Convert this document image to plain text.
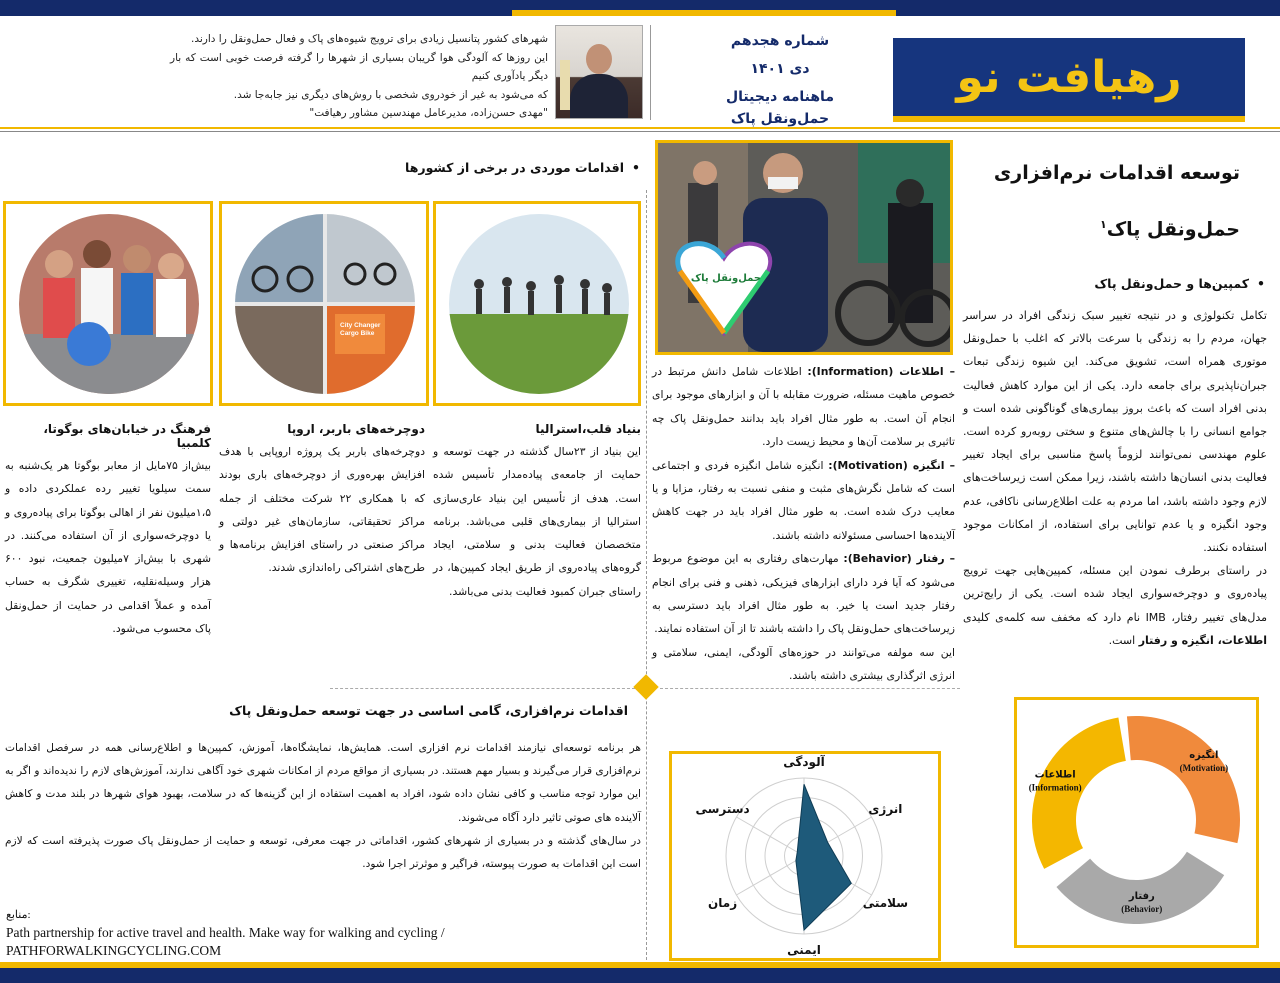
رهیافت نو
شماره هجدهم
دی ۱۴۰۱
ماهنامه دیجیتال حمل‌ونقل پاک
شهرهای کشور پتانسیل زیادی برای ترویج شیوه‌های پاک و فعال حمل‌ونقل را دارند.
این روزها که آلودگی هوا گریبان بسیاری از شهرها را گرفته فرصت خوبی است که بار دیگر یادآوری کنیم
که می‌شود به غیر از خودروی شخصی با روش‌های دیگری نیز جابه‌جا شد.
"مهدی حسن‌زاده، مدیرعامل مهندسین مشاور رهیافت"
توسعه اقدامات نرم‌افزاری
حمل‌ونقل پاک$^۱$
• کمپین‌ها و حمل‌ونقل پاک
تکامل تکنولوژی و در نتیجه تغییر سبک زندگی افراد در سراسر جهان، مردم را به زندگی با سرعت بالاتر که اغلب با حمل‌ونقل موتوری همراه است، تشویق می‌کند. این شیوه زندگی تبعات جبران‌ناپذیری برای جامعه دارد. یکی از این موارد کاهش فعالیت بدنی افراد است که باعث بروز بیماری‌های گوناگونی شده است و جوامع انسانی را با چالش‌های متنوع و سختی روبه‌رو کرده است. علوم مهندسی نمی‌توانند لزوماً پاسخ مناسبی برای ایجاد تغییر فعالیت بدنی انسان‌ها داشته باشند، زیرا ممکن است زیرساخت‌های لازم وجود داشته باشد، اما مردم به علت اطلاع‌رسانی ناکافی، عدم وجود انگیزه و یا عدم توانایی برای استفاده، از امکانات موجود استفاده نکنند.
در راستای برطرف نمودن این مسئله، کمپین‌هایی جهت ترویج پیاده‌روی و دوچرخه‌سواری ایجاد شده است. یکی از رایج‌ترین مدل‌های تغییر رفتار، IMB نام دارد که مخفف سه کلمه‌ی کلیدی اطلاعات، انگیزه و رفتار است.
انگیزه
(Motivation)
رفتار
(Behavior)
اطلاعات
(Information)
حمل‌ونقل پاک
– اطلاعات (Information): اطلاعات شامل دانش مرتبط در خصوص ماهیت مسئله، ضرورت مقابله با آن و ابزارهای موجود برای انجام آن است. به طور مثال افراد باید بدانند حمل‌ونقل پاک چه تاثیری بر سلامت آن‌ها و محیط زیست دارد.
– انگیزه (Motivation): انگیزه شامل انگیزه فردی و اجتماعی است که شامل نگرش‌های مثبت و منفی نسبت به رفتار، مزایا و یا معایب درک شده است. به طور مثال افراد باید در جهت کاهش آلاینده‌ها احساسی مسئولانه داشته باشند.
– رفتار (Behavior): مهارت‌های رفتاری به این موضوع مربوط می‌شود که آیا فرد دارای ابزارهای فیزیکی، ذهنی و فنی برای انجام رفتار جدید است یا خیر. به طور مثال افراد باید دسترسی به زیرساخت‌های حمل‌ونقل پاک را داشته باشند تا از آن استفاده نمایند.
این سه مولفه می‌توانند در حوزه‌های آلودگی، ایمنی، سلامتی و انرژی اثرگذاری بیشتری داشته باشند.
آلودگی
انرژی
سلامتی
ایمنی
زمان
دسترسی
• اقدامات موردی در برخی از کشورها
City Changer Cargo Bike
بنیاد قلب،استرالیا
این بنیاد از ۲۳سال گذشته در جهت توسعه و حمایت از جامعه‌ی پیاده‌مدار تأسیس شده است. هدف از تأسیس این بنیاد عاری‌سازی استرالیا از بیماری‌های قلبی می‌باشد. برنامه متخصصان فعالیت بدنی و سلامتی، ایجاد گروه‌های پیاده‌روی از طریق ایجاد کمپین‌ها، در راستای جبران کمبود فعالیت بدنی می‌باشد.
دوچرخه‌های باربر، اروپا
دوچرخه‌های باربر یک پروژه اروپایی با هدف افزایش بهره‌وری از دوچرخه‌های باری بودند که با همکاری ۲۲ شرکت مختلف از جمله مراکز تحقیقاتی، سازمان‌های غیر دولتی و مراکز صنعتی در راستای افزایش برنامه‌ها و طرح‌های اشتراکی راه‌اندازی شدند.
فرهنگ در خیابان‌های بوگوتا، کلمبیا
بیش‌از ۷۵مایل از معابر بوگوتا هر یک‌شنبه به سمت سیلویا تغییر رده عملکردی داده و ۱،۵میلیون نفر از اهالی بوگوتا برای پیاده‌روی و یا دوچرخه‌سواری از آن استفاده می‌کنند. در شهری با بیش‌از ۷میلیون جمعیت، نبود ۶۰۰ هزار وسیله‌نقلیه، تغییری شگرف به حساب آمده و عملاً اقدامی در حمایت از حمل‌ونقل پاک محسوب می‌شود.
اقدامات نرم‌افزاری، گامی اساسی در جهت توسعه حمل‌ونقل پاک
هر برنامه توسعه‌ای نیازمند اقدامات نرم افزاری است. همایش‌ها، نمایشگاه‌ها، آموزش، کمپین‌ها و اطلاع‌رسانی همه در سرفصل اقدامات نرم‌افزاری قرار می‌گیرند و بسیار مهم هستند. در بسیاری از مواقع مردم از امکانات شهری خود آگاهی ندارند، آموزش‌های لازم را ندیده‌اند و اگر به این موارد توجه مناسب و کافی نشان داده شود، افراد به اهمیت استفاده از این گزینه‌ها که در سلامت، بهبود هوای شهرها در بلند مدت و کاهش آلاینده های صوتی تاثیر دارد آگاه می‌شوند.
در سال‌های گذشته و در بسیاری از شهرهای کشور، اقداماتی در جهت معرفی، توسعه و حمایت از حمل‌ونقل پاک صورت پذیرفته است که لازم است این اقدامات به صورت پیوسته، فراگیر و موثرتر اجرا شود.
منابع:
Path partnership for active travel and health. Make way for walking and cycling /
PATHFORWALKINGCYCLING.COM
